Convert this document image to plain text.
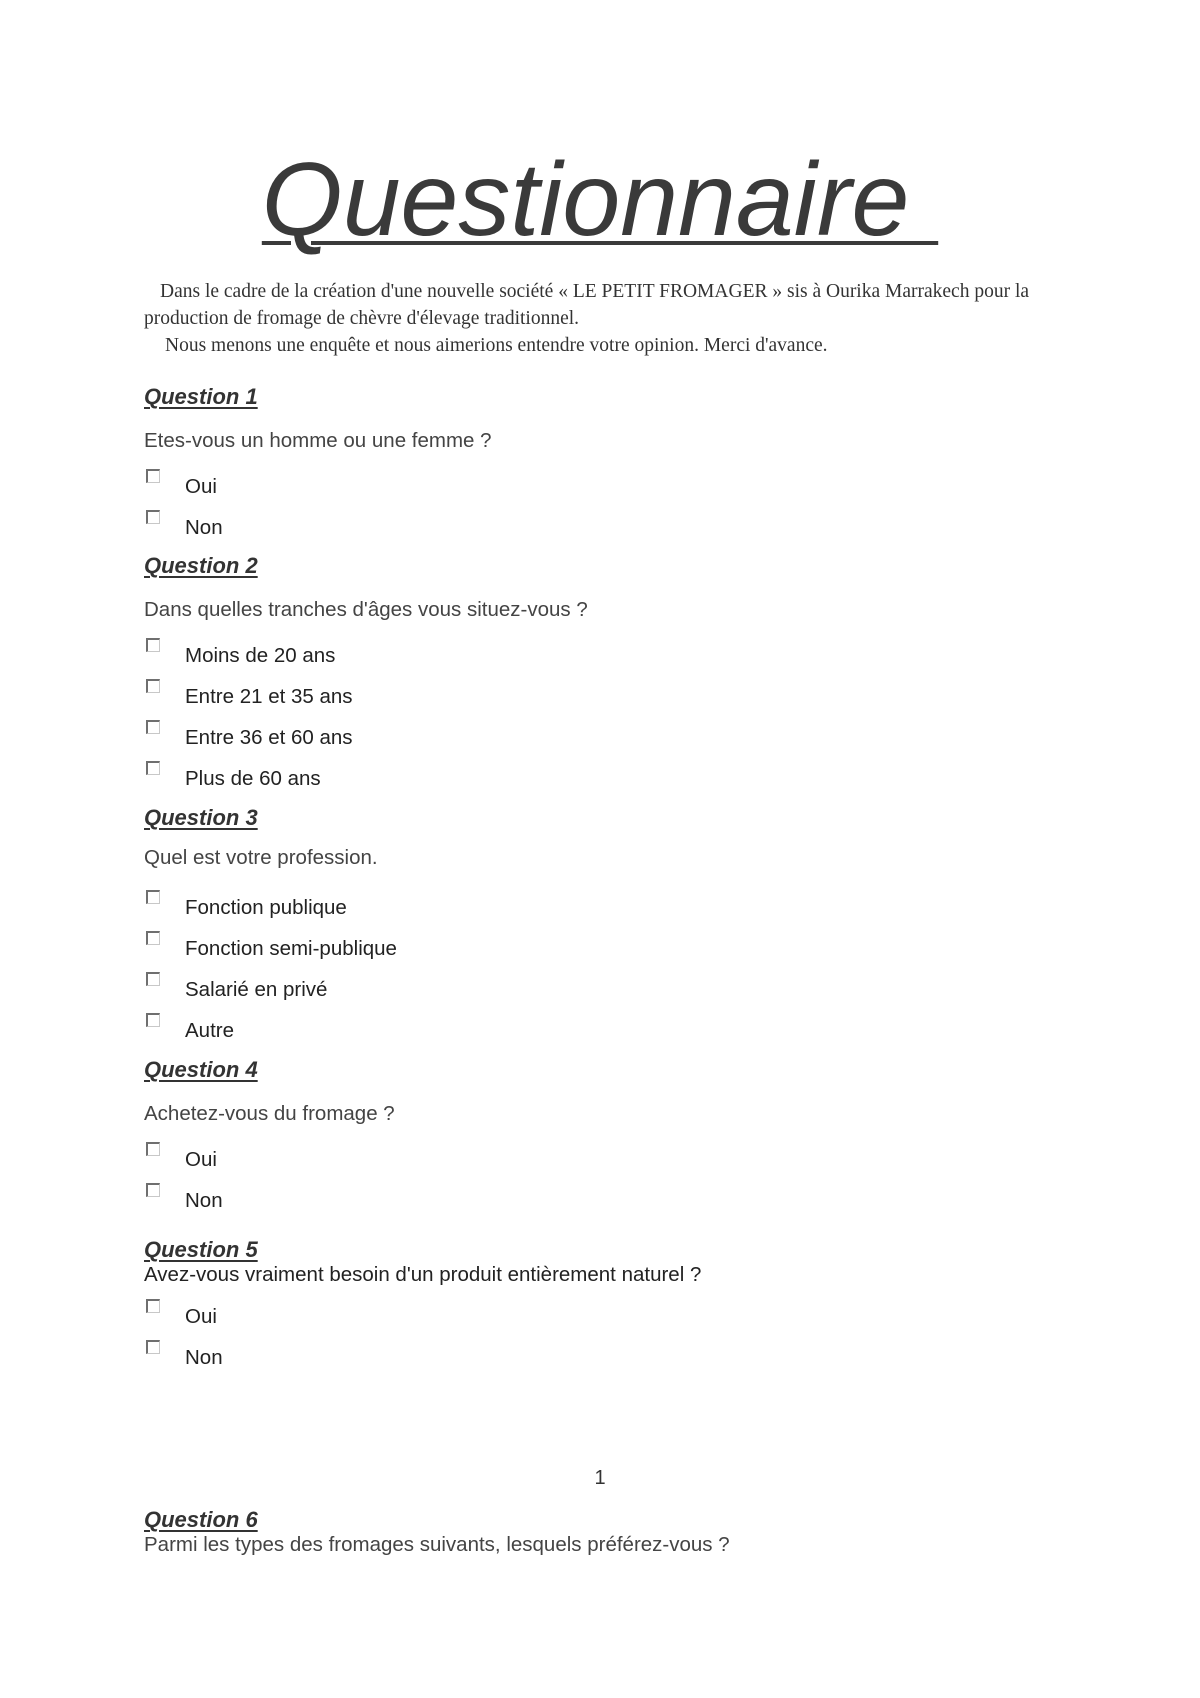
Questionnaire

Dans le cadre de la création d'une nouvelle société « LE PETIT FROMAGER » sis à Ourika Marrakech pour la production de fromage de chèvre d'élevage traditionnel.

Nous menons une enquête et nous aimerions entendre votre opinion. Merci d'avance.

Question 1
Etes-vous un homme ou une femme ?
Oui
Non
Question 2
Dans quelles tranches d'âges vous situez-vous ?
Moins de 20 ans
Entre 21 et 35 ans
Entre 36 et 60 ans
Plus de 60 ans
Question 3
Quel est votre profession.
Fonction publique
Fonction semi-publique
Salarié en privé
Autre
Question 4
Achetez-vous du fromage ?
Oui
Non
Question 5
Avez-vous vraiment besoin d'un produit entièrement naturel ?
Oui
Non
1
Question 6
Parmi les types des fromages suivants, lesquels préférez-vous ?
